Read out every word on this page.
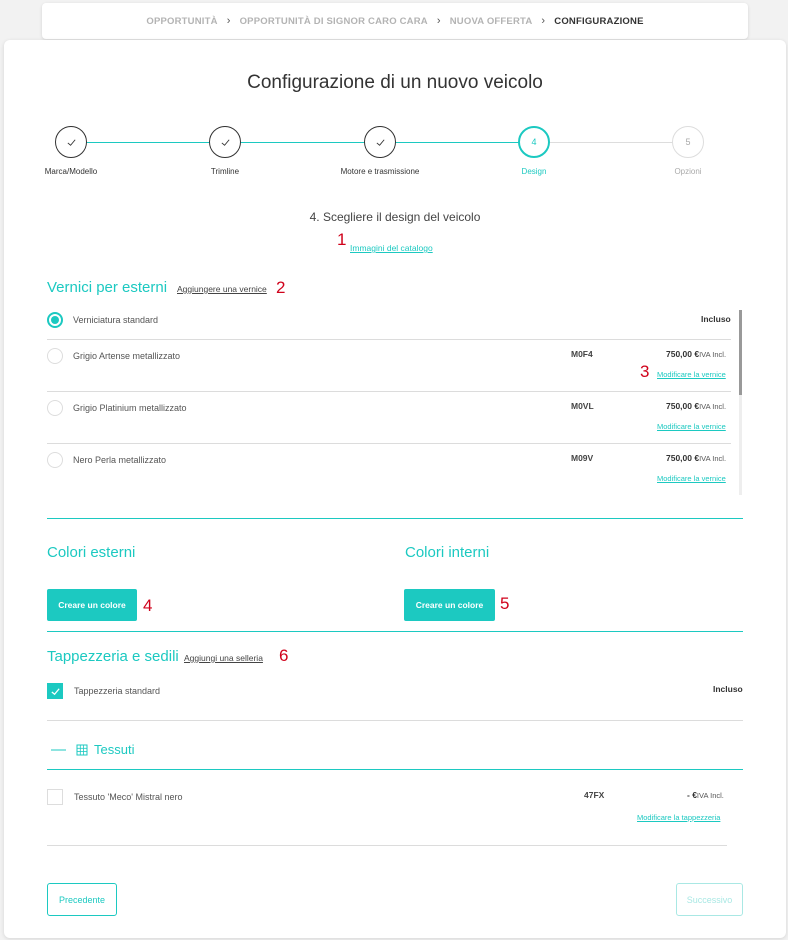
OPPORTUNITÀ › OPPORTUNITÀ DI SIGNOR CARO CARA › NUOVA OFFERTA › CONFIGURAZIONE
Configurazione di un nuovo veicolo
4	5
Marca/Modello	Trimline	Motore e trasmissione	Design	Opzioni
4. Scegliere il design del veicolo
Immagini del catalogo
1
Vernici per esterni Aggiungere una vernice 2
Verniciatura standard	Incluso
Grigio Artense metallizzato	M0F4	750,00 €IVA Incl.
Modificare la vernice
3
Grigio Platinium metallizzato	M0VL	750,00 €IVA Incl.
Modificare la vernice
Nero Perla metallizzato	M09V	750,00 €IVA Incl.
Modificare la vernice
Colori esterni	Colori interni
Creare un colore	4	Creare un colore 5
Tappezzeria e sedili Aggiungi una selleria 6
Tappezzeria standard	Incluso
— Tessuti
Tessuto 'Meco' Mistral nero	47FX	- €IVA Incl.
Modificare la tappezzeria
Precedente	Successivo
